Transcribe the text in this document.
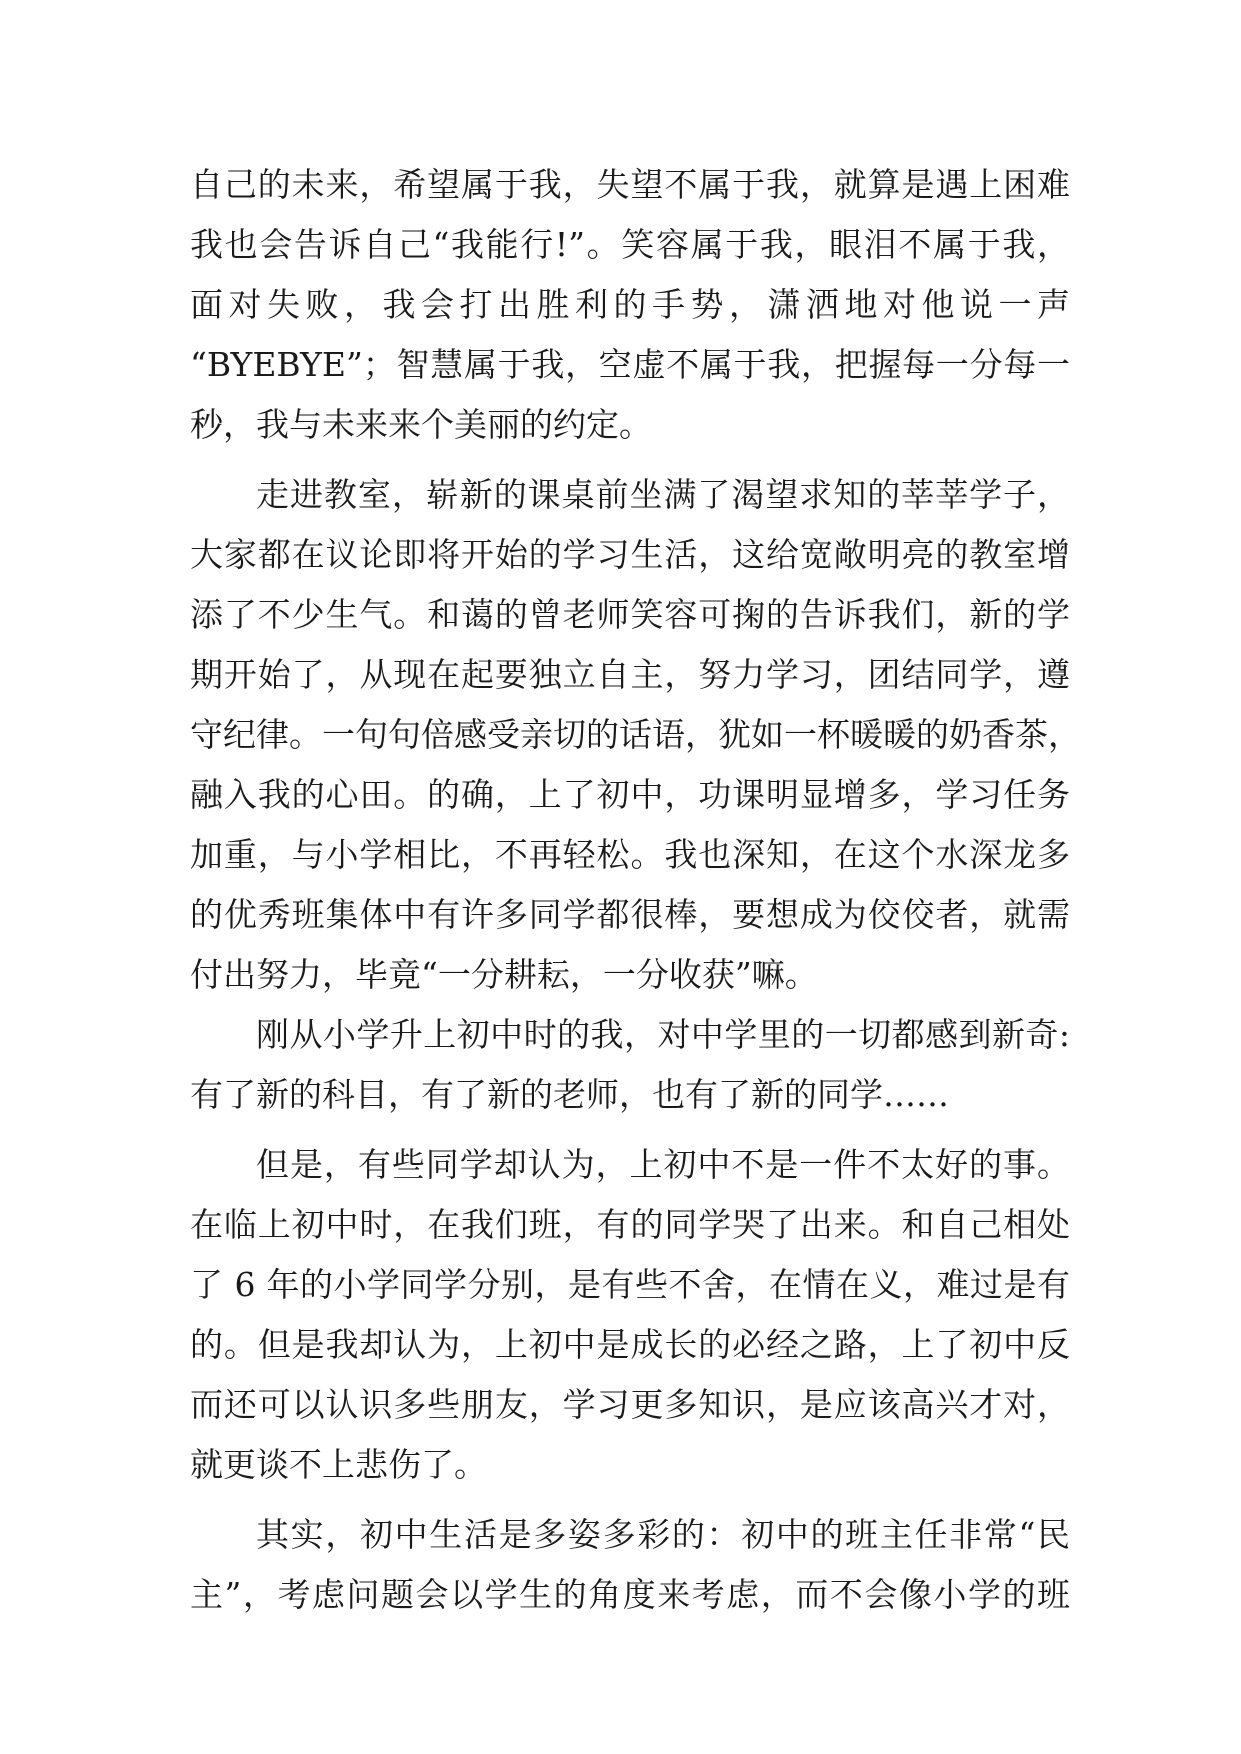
自己的未来，希望属于我，失望不属于我，就算是遇上困难
我也会告诉自己“我能行!”。笑容属于我，眼泪不属于我，
面对失败，我会打出胜利的手势，潇洒地对他说一声
“BYEBYE”；智慧属于我，空虚不属于我，把握每一分每一
秒，我与未来来个美丽的约定。
走进教室，崭新的课桌前坐满了渴望求知的莘莘学子，
大家都在议论即将开始的学习生活，这给宽敞明亮的教室增
添了不少生气。和蔼的曾老师笑容可掬的告诉我们，新的学
期开始了，从现在起要独立自主，努力学习，团结同学，遵
守纪律。一句句倍感受亲切的话语，犹如一杯暖暖的奶香茶，
融入我的心田。的确，上了初中，功课明显增多，学习任务
加重，与小学相比，不再轻松。我也深知，在这个水深龙多
的优秀班集体中有许多同学都很棒，要想成为佼佼者，就需
付出努力，毕竟“一分耕耘，一分收获”嘛。
刚从小学升上初中时的我，对中学里的一切都感到新奇:
有了新的科目，有了新的老师，也有了新的同学……
但是，有些同学却认为，上初中不是一件不太好的事。
在临上初中时，在我们班，有的同学哭了出来。和自己相处
了 6 年的小学同学分别，是有些不舍，在情在义，难过是有
的。但是我却认为，上初中是成长的必经之路，上了初中反
而还可以认识多些朋友，学习更多知识，是应该高兴才对，
就更谈不上悲伤了。
其实，初中生活是多姿多彩的：初中的班主任非常“民
主”，考虑问题会以学生的角度来考虑，而不会像小学的班
